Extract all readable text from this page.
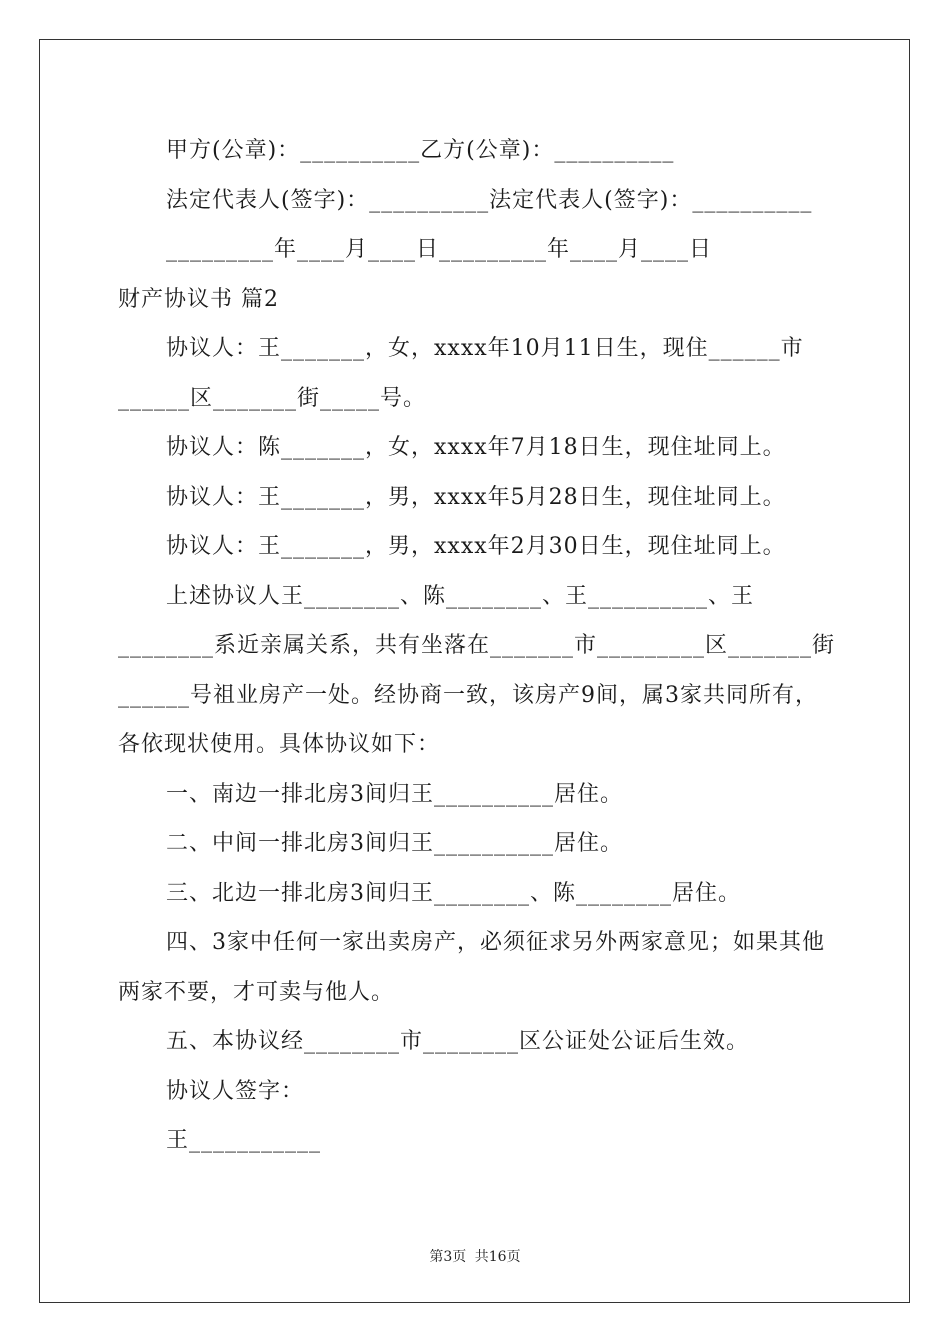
甲方(公章)：__________乙方(公章)：__________

法定代表人(签字)：__________法定代表人(签字)：__________

_________年____月____日_________年____月____日

财产协议书 篇2

协议人：王_______，女，xxxx年10月11日生，现住______市______区_______街_____号。

协议人：陈_______，女，xxxx年7月18日生，现住址同上。

协议人：王_______，男，xxxx年5月28日生，现住址同上。

协议人：王_______，男，xxxx年2月30日生，现住址同上。

上述协议人王________、陈________、王__________、王________系近亲属关系，共有坐落在_______市_________区_______街______号祖业房产一处。经协商一致，该房产9间，属3家共同所有，各依现状使用。具体协议如下：

一、南边一排北房3间归王__________居住。

二、中间一排北房3间归王__________居住。

三、北边一排北房3间归王________、陈________居住。

四、3家中任何一家出卖房产，必须征求另外两家意见；如果其他两家不要，才可卖与他人。

五、本协议经________市________区公证处公证后生效。

协议人签字：

王___________

第3页 共16页
